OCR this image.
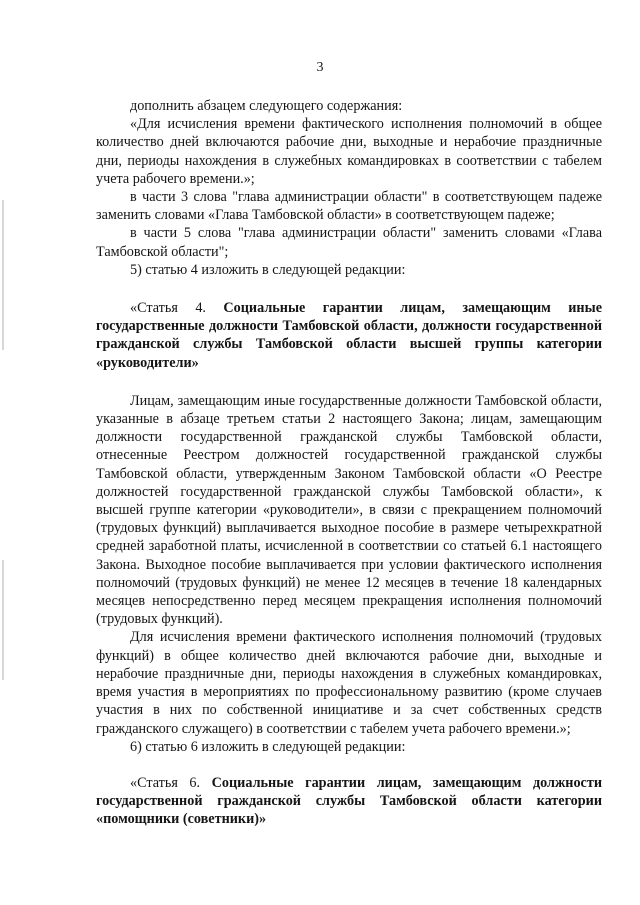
3

дополнить абзацем следующего содержания:

«Для исчисления времени фактического исполнения полномочий в общее количество дней включаются рабочие дни, выходные и нерабочие праздничные дни, периоды нахождения в служебных командировках в соответствии с табелем учета рабочего времени.»;

в части 3 слова "глава администрации области" в соответствующем падеже заменить словами «Глава Тамбовской области» в соответствующем падеже;

в части 5 слова "глава администрации области" заменить словами «Глава Тамбовской области";

5) статью 4 изложить в следующей редакции:

«Статья 4. Социальные гарантии лицам, замещающим иные государственные должности Тамбовской области, должности государственной гражданской службы Тамбовской области высшей группы категории «руководители»

Лицам, замещающим иные государственные должности Тамбовской области, указанные в абзаце третьем статьи 2 настоящего Закона; лицам, замещающим должности государственной гражданской службы Тамбовской области, отнесенные Реестром должностей государственной гражданской службы Тамбовской области, утвержденным Законом Тамбовской области «О Реестре должностей государственной гражданской службы Тамбовской области», к высшей группе категории «руководители», в связи с прекращением полномочий (трудовых функций) выплачивается выходное пособие в размере четырехкратной средней заработной платы, исчисленной в соответствии со статьей 6.1 настоящего Закона. Выходное пособие выплачивается при условии фактического исполнения полномочий (трудовых функций) не менее 12 месяцев в течение 18 календарных месяцев непосредственно перед месяцем прекращения исполнения полномочий (трудовых функций).

Для исчисления времени фактического исполнения полномочий (трудовых функций) в общее количество дней включаются рабочие дни, выходные и нерабочие праздничные дни, периоды нахождения в служебных командировках, время участия в мероприятиях по профессиональному развитию (кроме случаев участия в них по собственной инициативе и за счет собственных средств гражданского служащего) в соответствии с табелем учета рабочего времени.»;

6) статью 6 изложить в следующей редакции:

«Статья 6. Социальные гарантии лицам, замещающим должности государственной гражданской службы Тамбовской области категории «помощники (советники)»
